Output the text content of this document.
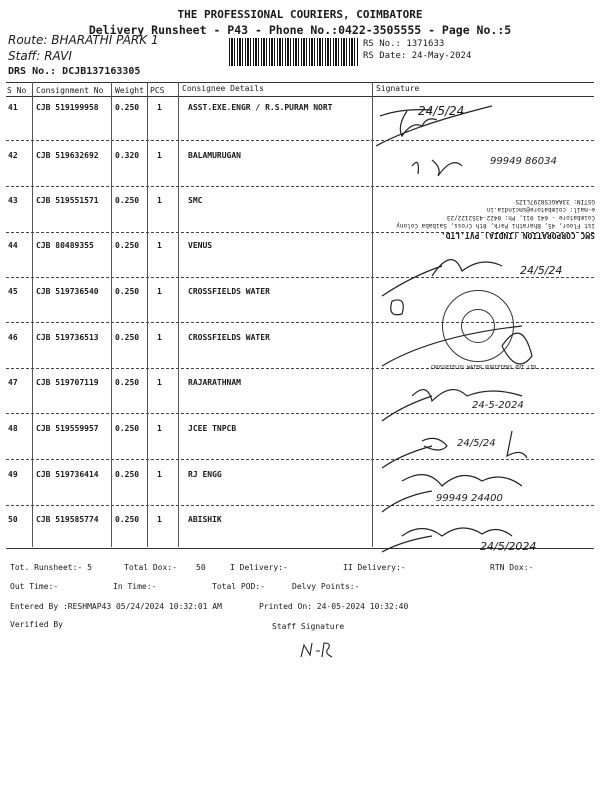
THE PROFESSIONAL COURIERS, COIMBATORE
Delivery Runsheet - P43 - Phone No.:0422-3505555 - Page No.:5
Route: BHARATHI PARK 1
Staff: RAVI
DRS No.: DCJB137163305
RS No.: 1371633
RS Date: 24-May-2024
S No Consignment No Weight PCS Consignee Details	Signature
41 CJB 519199958 0.250 1	ASST.EXE.ENGR / R.S.PURAM NORT
42 CJB 519632692 0.320 1	BALAMURUGAN
43 CJB 519551571 0.250 1	SMC
44 CJB 80489355	0.250 1	VENUS
45 CJB 519736540 0.250 1	CROSSFIELDS WATER
46 CJB 519736513 0.250 1	CROSSFIELDS WATER
47 CJB 519707119 0.250 1	RAJARATHNAM
48 CJB 519559957 0.250 1	JCEE TNPCB
49 CJB 519736414 0.250 1	RJ ENGG
50 CJB 519585774 0.250 1	ABISHIK
24/5/24
99949 86034
24/5/24
24-5-2024
24/5/24
99949 24400
24/5/2024
SMC CORPORATION (INDIA) PVT.LTD.
1st Floor, 45, Bharathi Park, 8th Cross, Saibaba Colony
Coimbatore - 641 011, Ph: 0422-4352122/23
e-mail: coimbatore@smcindia.in
GSTIN: 33AAGCS8297L1ZS
CROSSFIELDS WATER PURIFIERS PVT LTD
Tot. Runsheet:- 5	Total Dox:- 50	I Delivery:-	II Delivery:-	RTN Dox:-
Out Time:-	In Time:-	Total POD:-	Delvy Points:-
Entered By :RESHMAP43 05/24/2024 10:32:01 AM	Printed On: 24-05-2024 10:32:40
Verified By	Staff Signature
